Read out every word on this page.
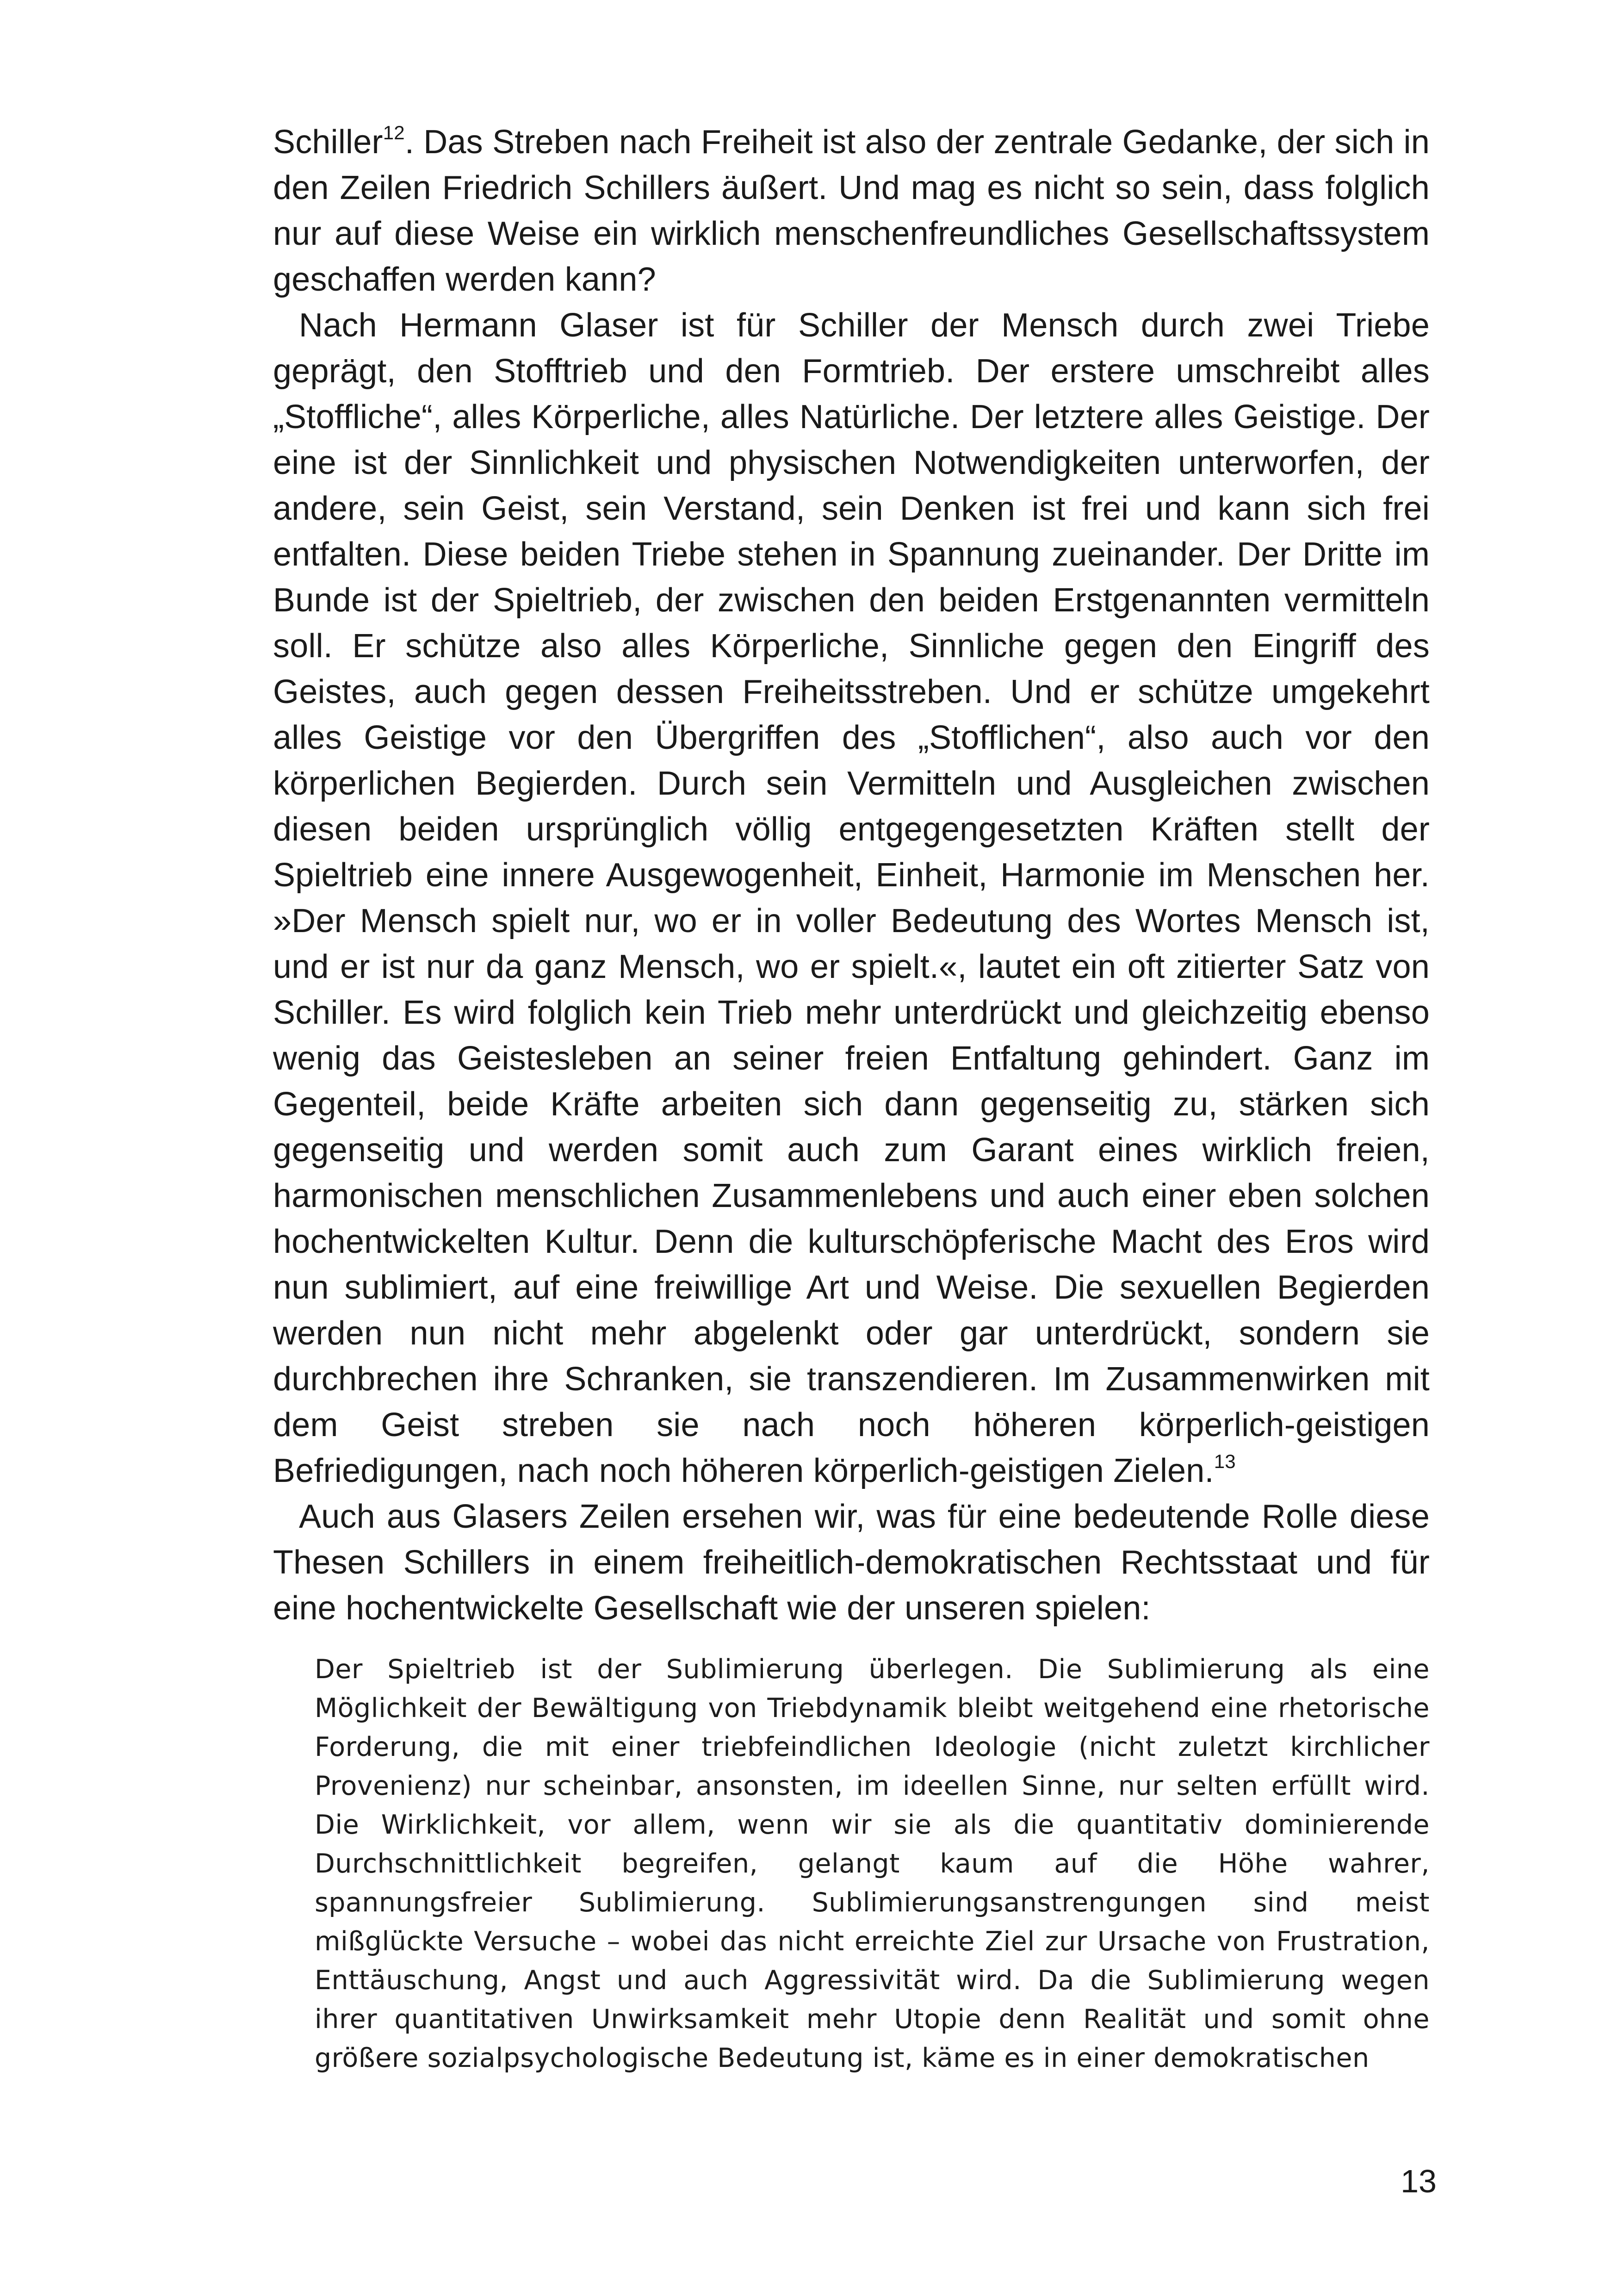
Schiller$^{12}$. Das Streben nach Freiheit ist also der zentrale Gedanke, der sich in den Zeilen Friedrich Schillers äußert. Und mag es nicht so sein, dass folglich nur auf diese Weise ein wirklich menschenfreundliches Gesellschaftssystem geschaffen werden kann?

Nach Hermann Glaser ist für Schiller der Mensch durch zwei Triebe geprägt, den Stofftrieb und den Formtrieb. Der erstere umschreibt alles „Stoffliche“, alles Körperliche, alles Natürliche. Der letztere alles Geistige. Der eine ist der Sinnlichkeit und physischen Notwendigkeiten unterworfen, der andere, sein Geist, sein Verstand, sein Denken ist frei und kann sich frei entfalten. Diese beiden Triebe stehen in Spannung zueinander. Der Dritte im Bunde ist der Spieltrieb, der zwischen den beiden Erstgenannten vermitteln soll. Er schütze also alles Körperliche, Sinnliche gegen den Eingriff des Geistes, auch gegen dessen Freiheitsstreben. Und er schütze umgekehrt alles Geistige vor den Übergriffen des „Stofflichen“, also auch vor den körperlichen Begierden. Durch sein Vermitteln und Ausgleichen zwischen diesen beiden ursprünglich völlig entgegengesetzten Kräften stellt der Spieltrieb eine innere Ausgewogenheit, Einheit, Harmonie im Menschen her. »Der Mensch spielt nur, wo er in voller Bedeutung des Wortes Mensch ist, und er ist nur da ganz Mensch, wo er spielt.«, lautet ein oft zitierter Satz von Schiller. Es wird folglich kein Trieb mehr unterdrückt und gleichzeitig ebenso wenig das Geistesleben an seiner freien Entfaltung gehindert. Ganz im Gegenteil, beide Kräfte arbeiten sich dann gegenseitig zu, stärken sich gegenseitig und werden somit auch zum Garant eines wirklich freien, harmonischen menschlichen Zusammenlebens und auch einer eben solchen hochentwickelten Kultur. Denn die kulturschöpferische Macht des Eros wird nun sublimiert, auf eine freiwillige Art und Weise. Die sexuellen Begierden werden nun nicht mehr abgelenkt oder gar unterdrückt, sondern sie durchbrechen ihre Schranken, sie transzendieren. Im Zusammenwirken mit dem Geist streben sie nach noch höheren körperlich-geistigen Befriedigungen, nach noch höheren körperlich-geistigen Zielen.$^{13}$

Auch aus Glasers Zeilen ersehen wir, was für eine bedeutende Rolle diese Thesen Schillers in einem freiheitlich-demokratischen Rechtsstaat und für eine hochentwickelte Gesellschaft wie der unseren spielen:

Der Spieltrieb ist der Sublimierung überlegen. Die Sublimierung als eine Möglichkeit der Bewältigung von Triebdynamik bleibt weitgehend eine rhetorische Forderung, die mit einer triebfeindlichen Ideologie (nicht zuletzt kirchlicher Provenienz) nur scheinbar, ansonsten, im ideellen Sinne, nur selten erfüllt wird. Die Wirklichkeit, vor allem, wenn wir sie als die quantitativ dominierende Durchschnittlichkeit begreifen, gelangt kaum auf die Höhe wahrer, spannungsfreier Sublimierung. Sublimierungsanstrengungen sind meist mißglückte Versuche – wobei das nicht erreichte Ziel zur Ursache von Frustration, Enttäuschung, Angst und auch Aggressivität wird. Da die Sublimierung wegen ihrer quantitativen Unwirksamkeit mehr Utopie denn Realität und somit ohne größere sozialpsychologische Bedeutung ist, käme es in einer demokratischen

13
